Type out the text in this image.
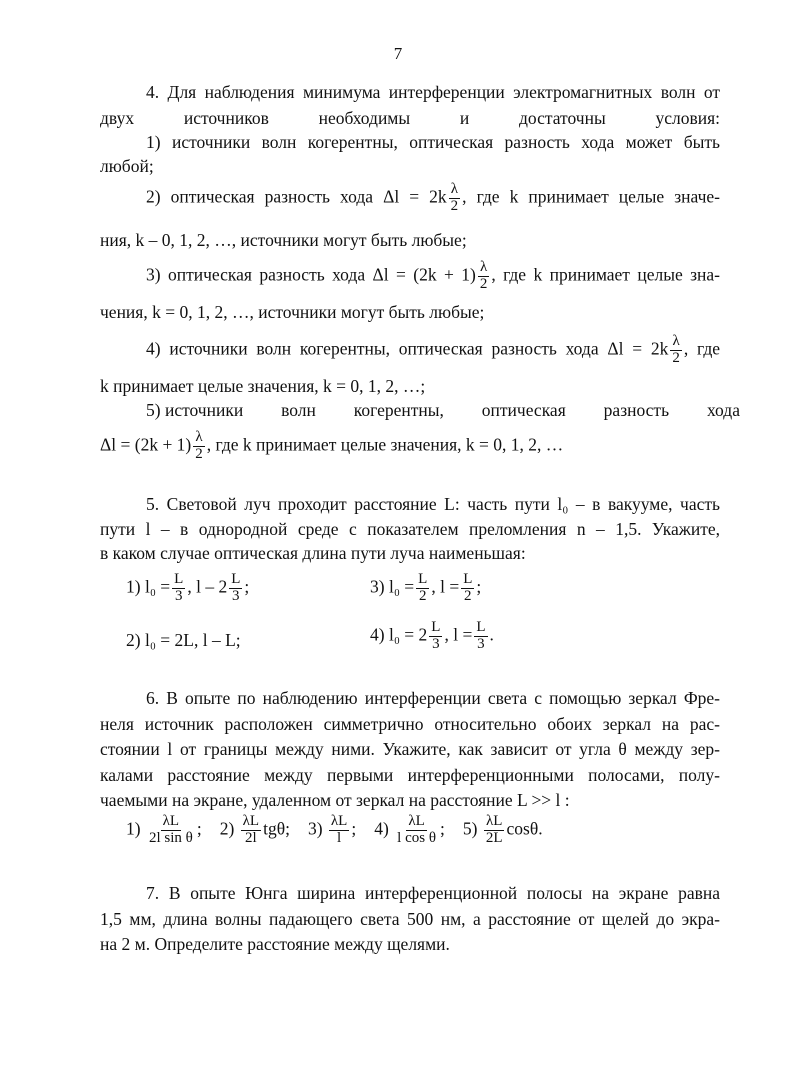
7
4. Для наблюдения минимума интерференции электромагнитных волн от
двух источников необходимы и достаточны условия:
1) источники волн когерентны, оптическая разность хода может быть
любой;
2) оптическая разность хода $\Delta l = 2k \frac{\lambda}{2}$ , где k принимает целые значе-
ния, k – 0, 1, 2, …, источники могут быть любые;
3) оптическая разность хода $\Delta l = (2k + 1) \frac{\lambda}{2}$ , где k принимает целые зна-
чения, k = 0, 1, 2, …, источники могут быть любые;
4) источники волн когерентны, оптическая разность хода $\Delta l = 2k \frac{\lambda}{2}$ , где
k принимает целые значения, k = 0, 1, 2, …;
5) источники волн когерентны, оптическая разность хода
$\Delta l = (2k + 1) \frac{\lambda}{2}$ , где k принимает целые значения, k = 0, 1, 2, …
5. Световой луч проходит расстояние L: часть пути l₀ – в вакууме, часть
пути l – в однородной среде с показателем преломления n – 1,5. Укажите,
в каком случае оптическая длина пути луча наименьшая:
1) $l_0 = \frac{L}{3}$ , l – $2 \frac{L}{3}$ ;	3) $l_0 = \frac{L}{2}$ , $l = \frac{L}{2}$ ;
2) l₀ = 2L, l – L;	4) $l_0 = 2 \frac{L}{3}$ , $l = \frac{L}{3}$ .
6. В опыте по наблюдению интерференции света с помощью зеркал Фре-
неля источник расположен симметрично относительно обоих зеркал на рас-
стоянии l от границы между ними. Укажите, как зависит от угла θ между зер-
калами расстояние между первыми интерференционными полосами, полу-
чаемыми на экране, удаленном от зеркал на расстояние L >> l :
$1) \frac{\lambda L}{\text{2l sin θ}}$ ; $2) \frac{\lambda L}{2l} tg\theta$; $3) \frac{\lambda L}{l}$ ; $4) \frac{\lambda L}{\text{l cos θ}}$ ; $5) \frac{\lambda L}{2L} \cos\theta$.
7. В опыте Юнга ширина интерференционной полосы на экране равна
1,5 мм, длина волны падающего света 500 нм, а расстояние от щелей до экра-
на 2 м. Определите расстояние между щелями.
